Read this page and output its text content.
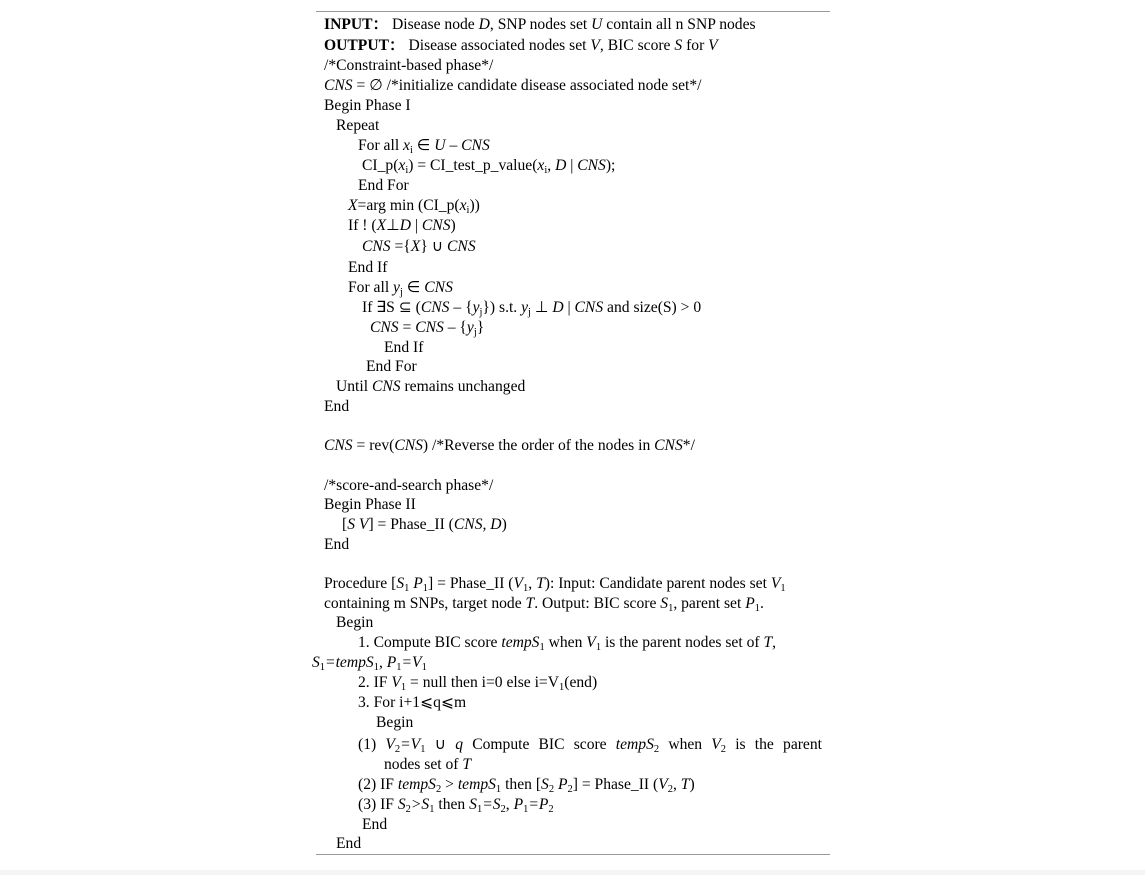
INPUT： Disease node D, SNP nodes set U contain all n SNP nodes
OUTPUT： Disease associated nodes set V, BIC score S for V
/*Constraint-based phase*/
CNS = ∅ /*initialize candidate disease associated node set*/
Begin Phase I
Repeat
For all $x_i$ ∈ U – CNS
$CI\_p(x_i)$ = $CI\_test\_p\_value(x_i$, D | CNS);
End For
X=arg $\min (CI\_p(x_i))$
If ! (X⊥D | CNS)
CNS ={X} ∪ CNS
End If
For all $y_j$ ∈ CNS
If ∃S ⊆ $(CNS - \{y_j\})$ s.t. $y_j$ ⊥ D | CNS and size(S) > 0
CNS = CNS – $\{y_j\}$
End If
End For
Until CNS remains unchanged
End
CNS = rev(CNS) /*Reverse the order of the nodes in CNS*/
/*score-and-search phase*/
Begin Phase II
[S V] = Phase_II (CNS, D)
End
Procedure [$S_1$ $P_1$] = Phase_II ($V_1$, T): Input: Candidate parent nodes set $V_1$
containing m SNPs, target node T. Output: BIC score $S_1$, parent set $P_1$.
Begin
1. Compute BIC score tempS$_1$ when $V_1$ is the parent nodes set of T,
$S_1=tempS_1$, $P_1=V_1$
2. IF $V_1$ = null then i=0 else $i=V_1(end)$
3. For i+1⩽q⩽m
Begin
(1) $V_2=V_1$ ∪ q Compute BIC score tempS$_2$ when $V_2$ is the parent
nodes set of T
(2) IF tempS$_2$ > tempS$_1$ then [$S_2$ $P_2$] = Phase_II ($V_2$, T)
(3) IF $S_2>S_1$ then $S_1=S_2$, $P_1=P_2$
End
End
